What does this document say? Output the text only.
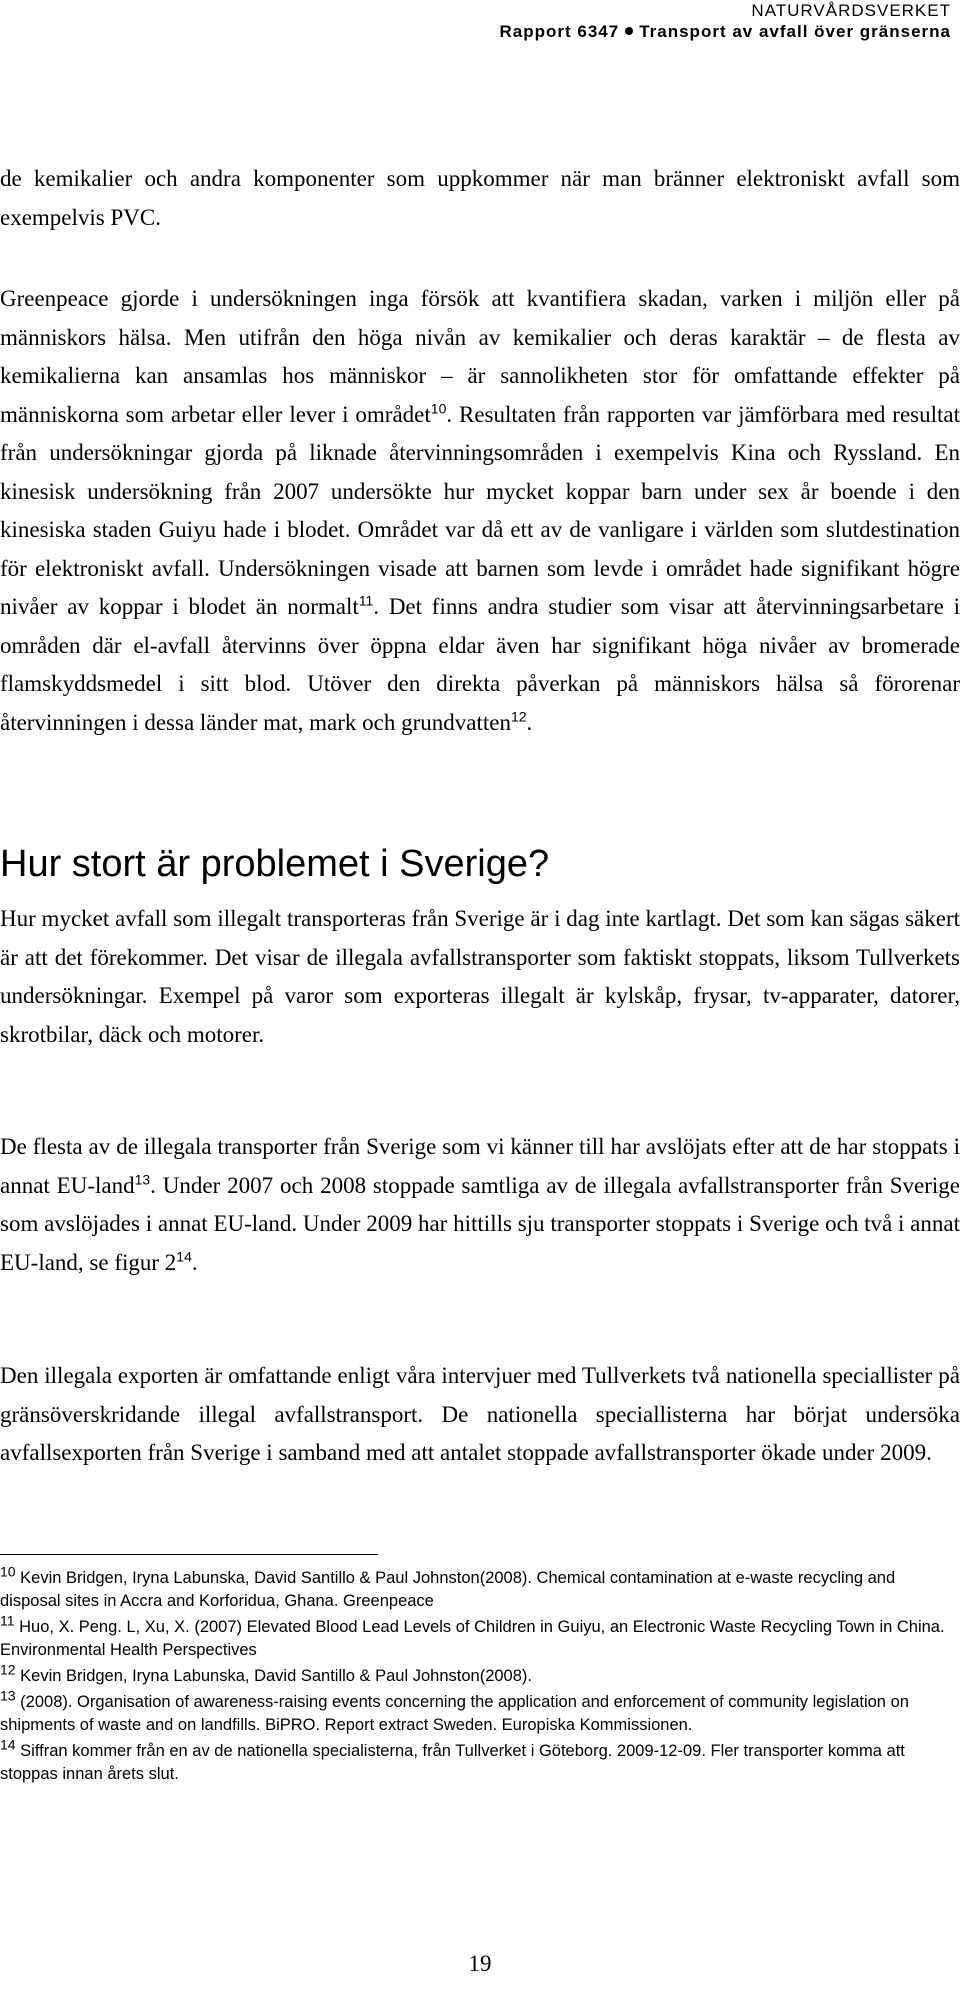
NATURVÅRDSVERKET
Rapport 6347 Transport av avfall över gränserna

de kemikalier och andra komponenter som uppkommer när man bränner elektroniskt avfall som exempelvis PVC.

Greenpeace gjorde i undersökningen inga försök att kvantifiera skadan, varken i miljön eller på människors hälsa. Men utifrån den höga nivån av kemikalier och deras karaktär – de flesta av kemikalierna kan ansamlas hos människor – är sannolikheten stor för omfattande effekter på människorna som arbetar eller lever i området$^{10}$. Resultaten från rapporten var jämförbara med resultat från undersökningar gjorda på liknade återvinningsområden i exempelvis Kina och Ryssland. En kinesisk undersökning från 2007 undersökte hur mycket koppar barn under sex år boende i den kinesiska staden Guiyu hade i blodet. Området var då ett av de vanligare i världen som slutdestination för elektroniskt avfall. Undersökningen visade att barnen som levde i området hade signifikant högre nivåer av koppar i blodet än normalt$^{11}$. Det finns andra studier som visar att återvinningsarbetare i områden där el-avfall återvinns över öppna eldar även har signifikant höga nivåer av bromerade flamskyddsmedel i sitt blod. Utöver den direkta påverkan på människors hälsa så förorenar återvinningen i dessa länder mat, mark och grundvatten$^{12}$.

Hur stort är problemet i Sverige?

Hur mycket avfall som illegalt transporteras från Sverige är i dag inte kartlagt. Det som kan sägas säkert är att det förekommer. Det visar de illegala avfallstransporter som faktiskt stoppats, liksom Tullverkets undersökningar. Exempel på varor som exporteras illegalt är kylskåp, frysar, tv-apparater, datorer, skrotbilar, däck och motorer.

De flesta av de illegala transporter från Sverige som vi känner till har avslöjats efter att de har stoppats i annat EU-land$^{13}$. Under 2007 och 2008 stoppade samtliga av de illegala avfallstransporter från Sverige som avslöjades i annat EU-land. Under 2009 har hittills sju transporter stoppats i Sverige och två i annat EU-land, se figur $2^{14}$.

Den illegala exporten är omfattande enligt våra intervjuer med Tullverkets två nationella speciallister på gränsöverskridande illegal avfallstransport. De nationella speciallisterna har börjat undersöka avfallsexporten från Sverige i samband med att antalet stoppade avfallstransporter ökade under 2009.

$^{10}$ Kevin Bridgen, Iryna Labunska, David Santillo & Paul Johnston(2008). Chemical contamination at e-waste recycling and disposal sites in Accra and Korforidua, Ghana. Greenpeace
$^{11}$ Huo, X. Peng. L, Xu, X. (2007) Elevated Blood Lead Levels of Children in Guiyu, an Electronic Waste Recycling Town in China. Environmental Health Perspectives
$^{12}$ Kevin Bridgen, Iryna Labunska, David Santillo & Paul Johnston(2008).
$^{13}$ (2008). Organisation of awareness-raising events concerning the application and enforcement of community legislation on shipments of waste and on landfills. BiPRO. Report extract Sweden. Europiska Kommissionen.
$^{14}$ Siffran kommer från en av de nationella specialisterna, från Tullverket i Göteborg. 2009-12-09. Fler transporter komma att stoppas innan årets slut.
19
